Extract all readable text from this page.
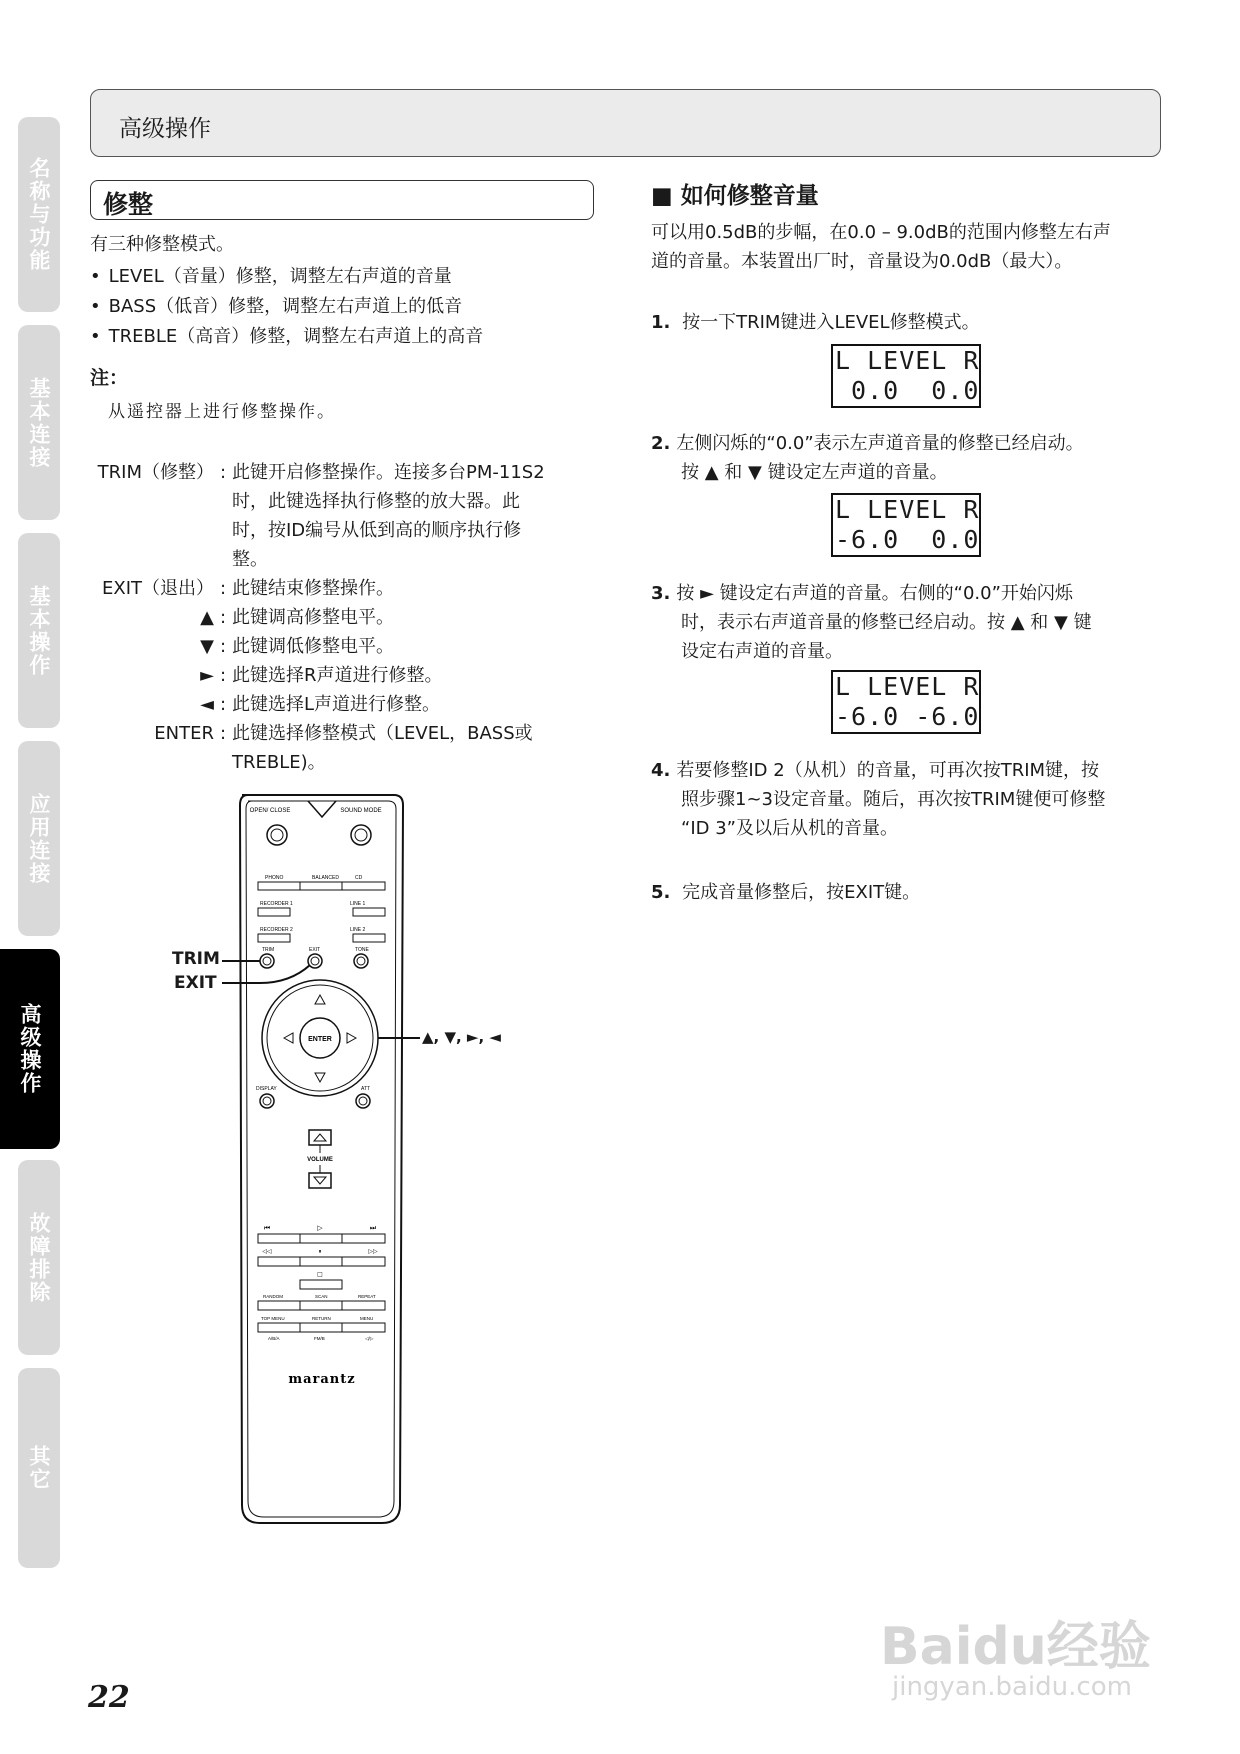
名称与功能
基本连接
基本操作
应用连接
高级操作
故障排除
其它
高级操作
修整
有三种修整模式。
• LEVEL（音量）修整，调整左右声道的音量
• BASS（低音）修整，调整左右声道上的低音
• TREBLE（高音）修整，调整左右声道上的高音
注：
从遥控器上进行修整操作。
TRIM（修整） : 此键开启修整操作。连接多台PM-11S2
时，此键选择执行修整的放大器。此
时，按ID编号从低到高的顺序执行修
整。
EXIT（退出） : 此键结束修整操作。
▲ : 此键调高修整电平。
▼ : 此键调低修整电平。
► : 此键选择R声道进行修整。
◄ : 此键选择L声道进行修整。
ENTER : 此键选择修整模式（LEVEL，BASS或
TREBLE)。
OPEN/ CLOSE	SOUND MODE
PHONO	BALANCED	CD
RECORDER 1	LINE 1
RECORDER 2	LINE 2
TRIM	EXIT	TONE
ENTER
DISPLAY	ATT
VOLUME
⏮	▷	⏭
◁◁	⏸	▷▷
□
RANDOM	SCAN	REPEAT
TOP MENU	RETURN	MENU
A/B/A	FM/B	◁/▷
marantz
TRIM
EXIT
▲, ▼, ►, ◄
■ 如何修整音量
可以用0.5dB的步幅，在0.0 – 9.0dB的范围内修整左右声
道的音量。本装置出厂时，音量设为0.0dB（最大）。
1. 按一下TRIM键进入LEVEL修整模式。
L LEVEL R
0.0  0.0
2. 左侧闪烁的“0.0”表示左声道音量的修整已经启动。
按 ▲ 和 ▼ 键设定左声道的音量。
L LEVEL R
-6.0  0.0
3. 按 ► 键设定右声道的音量。右侧的“0.0”开始闪烁
时，表示右声道音量的修整已经启动。按 ▲ 和 ▼ 键
设定右声道的音量。
L LEVEL R
-6.0 -6.0
4. 若要修整ID 2（从机）的音量，可再次按TRIM键，按
照步骤1~3设定音量。随后，再次按TRIM键便可修整
“ID 3”及以后从机的音量。
5. 完成音量修整后，按EXIT键。
22
Baidu经验
jingyan.baidu.com
